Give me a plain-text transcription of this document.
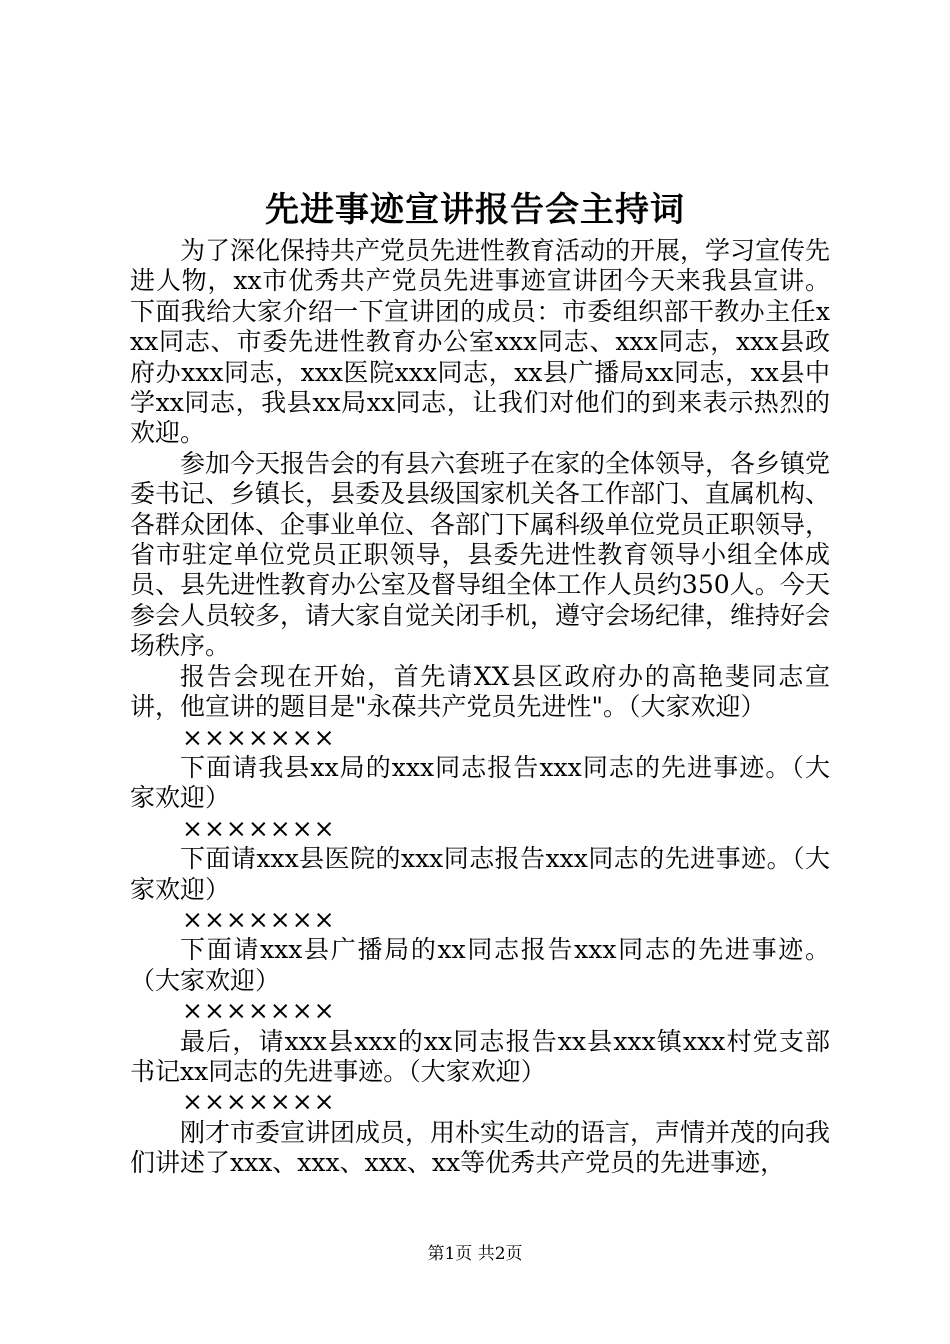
先进事迹宣讲报告会主持词

为了深化保持共产党员先进性教育活动的开展，学习宣传先进人物，xx市优秀共产党员先进事迹宣讲团今天来我县宣讲。下面我给大家介绍一下宣讲团的成员：市委组织部干教办主任xxx同志、市委先进性教育办公室xxx同志、xxx同志，xxx县政府办xxx同志，xxx医院xxx同志，xx县广播局xx同志，xx县中学xx同志，我县xx局xx同志，让我们对他们的到来表示热烈的欢迎。

参加今天报告会的有县六套班子在家的全体领导，各乡镇党委书记、乡镇长，县委及县级国家机关各工作部门、直属机构、各群众团体、企事业单位、各部门下属科级单位党员正职领导，省市驻定单位党员正职领导，县委先进性教育领导小组全体成员、县先进性教育办公室及督导组全体工作人员约350人。今天参会人员较多，请大家自觉关闭手机，遵守会场纪律，维持好会场秩序。

报告会现在开始，首先请XX县区政府办的高艳斐同志宣讲，他宣讲的题目是"永葆共产党员先进性"。（大家欢迎）

×××××××

下面请我县xx局的xxx同志报告xxx同志的先进事迹。（大家欢迎）

×××××××

下面请xxx县医院的xxx同志报告xxx同志的先进事迹。（大家欢迎）

×××××××

下面请xxx县广播局的xx同志报告xxx同志的先进事迹。（大家欢迎）

×××××××

最后，请xxx县xxx的xx同志报告xx县xxx镇xxx村党支部书记xx同志的先进事迹。（大家欢迎）

×××××××

刚才市委宣讲团成员，用朴实生动的语言，声情并茂的向我们讲述了xxx、xxx、xxx、xx等优秀共产党员的先进事迹，

第1页 共2页
